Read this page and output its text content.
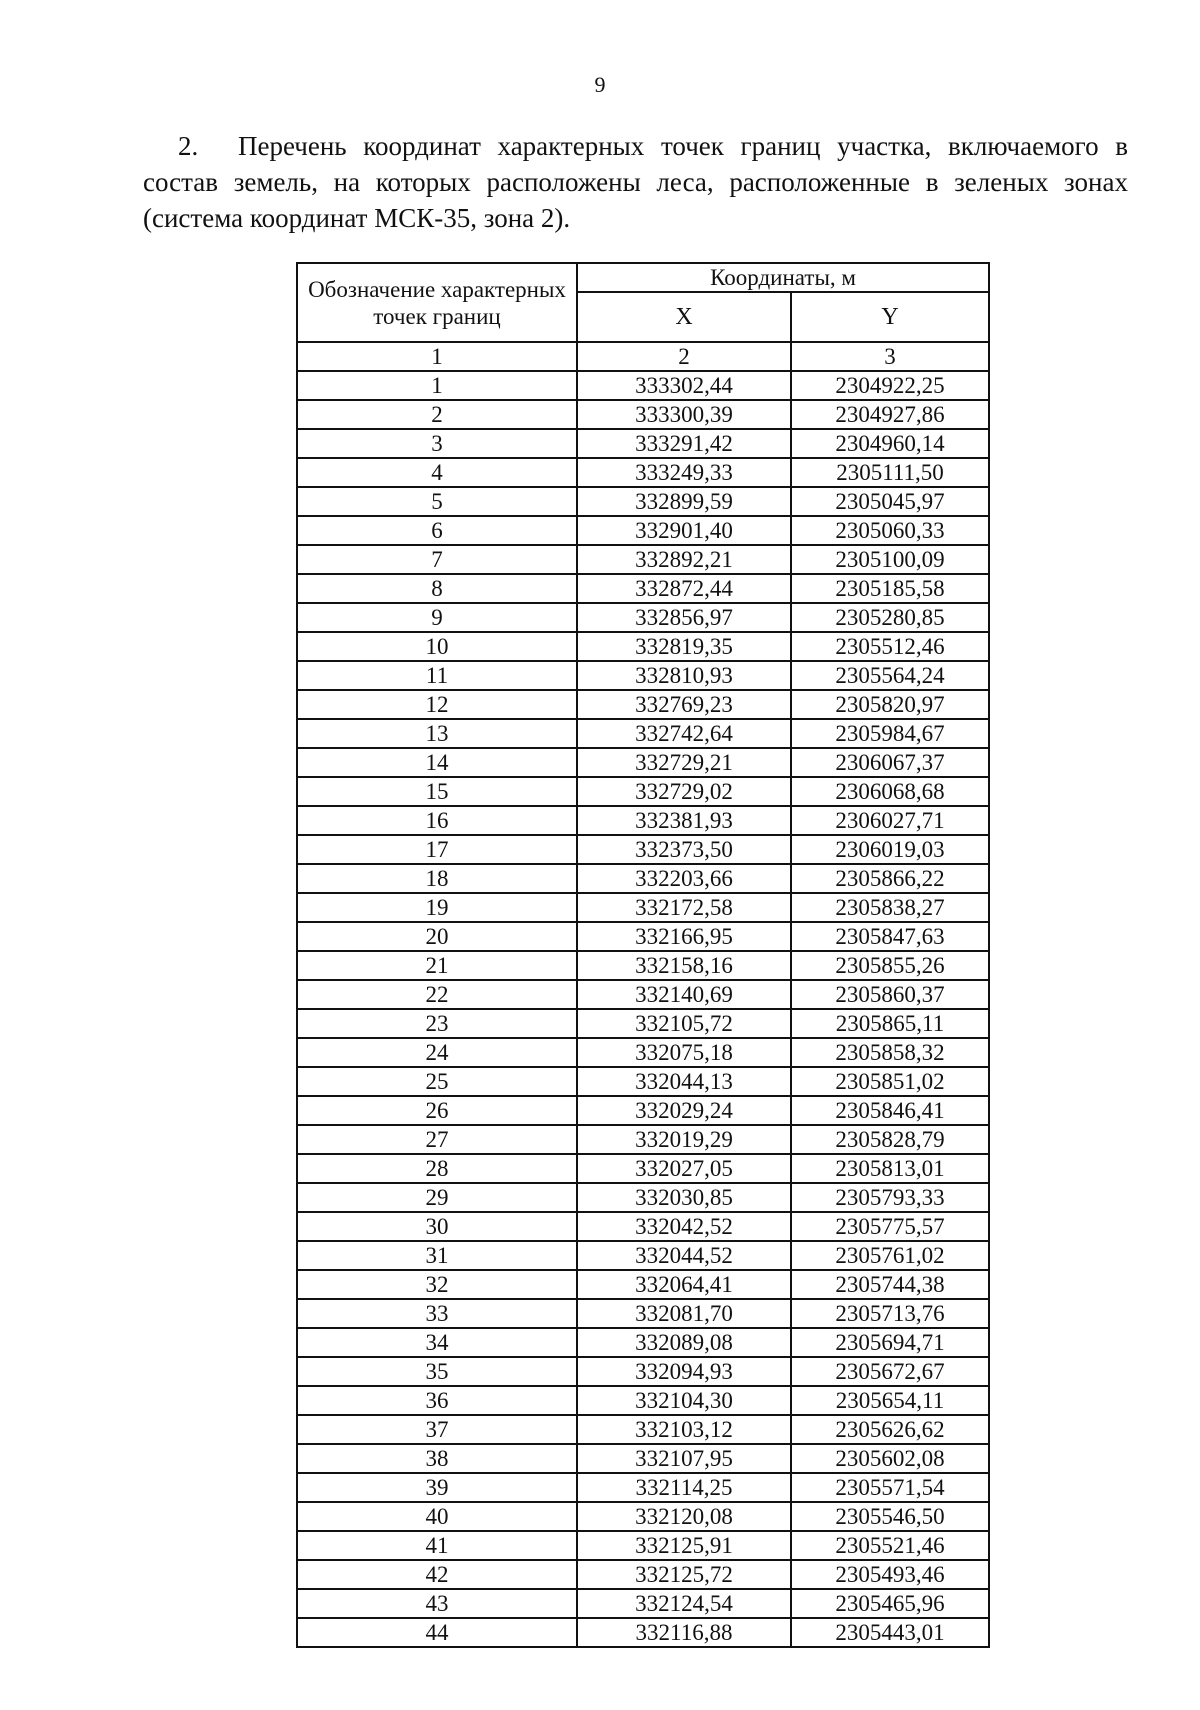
9
2. Перечень координат характерных точек границ участка, включаемого в состав земель, на которых расположены леса, расположенные в зеленых зонах (система координат МСК-35, зона 2).
Обозначение характерных точек границ	Координаты, м	
	X	Y
1	2	3
1	333302,44	2304922,25
2	333300,39	2304927,86
3	333291,42	2304960,14
4	333249,33	2305111,50
5	332899,59	2305045,97
6	332901,40	2305060,33
7	332892,21	2305100,09
8	332872,44	2305185,58
9	332856,97	2305280,85
10	332819,35	2305512,46
11	332810,93	2305564,24
12	332769,23	2305820,97
13	332742,64	2305984,67
14	332729,21	2306067,37
15	332729,02	2306068,68
16	332381,93	2306027,71
17	332373,50	2306019,03
18	332203,66	2305866,22
19	332172,58	2305838,27
20	332166,95	2305847,63
21	332158,16	2305855,26
22	332140,69	2305860,37
23	332105,72	2305865,11
24	332075,18	2305858,32
25	332044,13	2305851,02
26	332029,24	2305846,41
27	332019,29	2305828,79
28	332027,05	2305813,01
29	332030,85	2305793,33
30	332042,52	2305775,57
31	332044,52	2305761,02
32	332064,41	2305744,38
33	332081,70	2305713,76
34	332089,08	2305694,71
35	332094,93	2305672,67
36	332104,30	2305654,11
37	332103,12	2305626,62
38	332107,95	2305602,08
39	332114,25	2305571,54
40	332120,08	2305546,50
41	332125,91	2305521,46
42	332125,72	2305493,46
43	332124,54	2305465,96
44	332116,88	2305443,01
